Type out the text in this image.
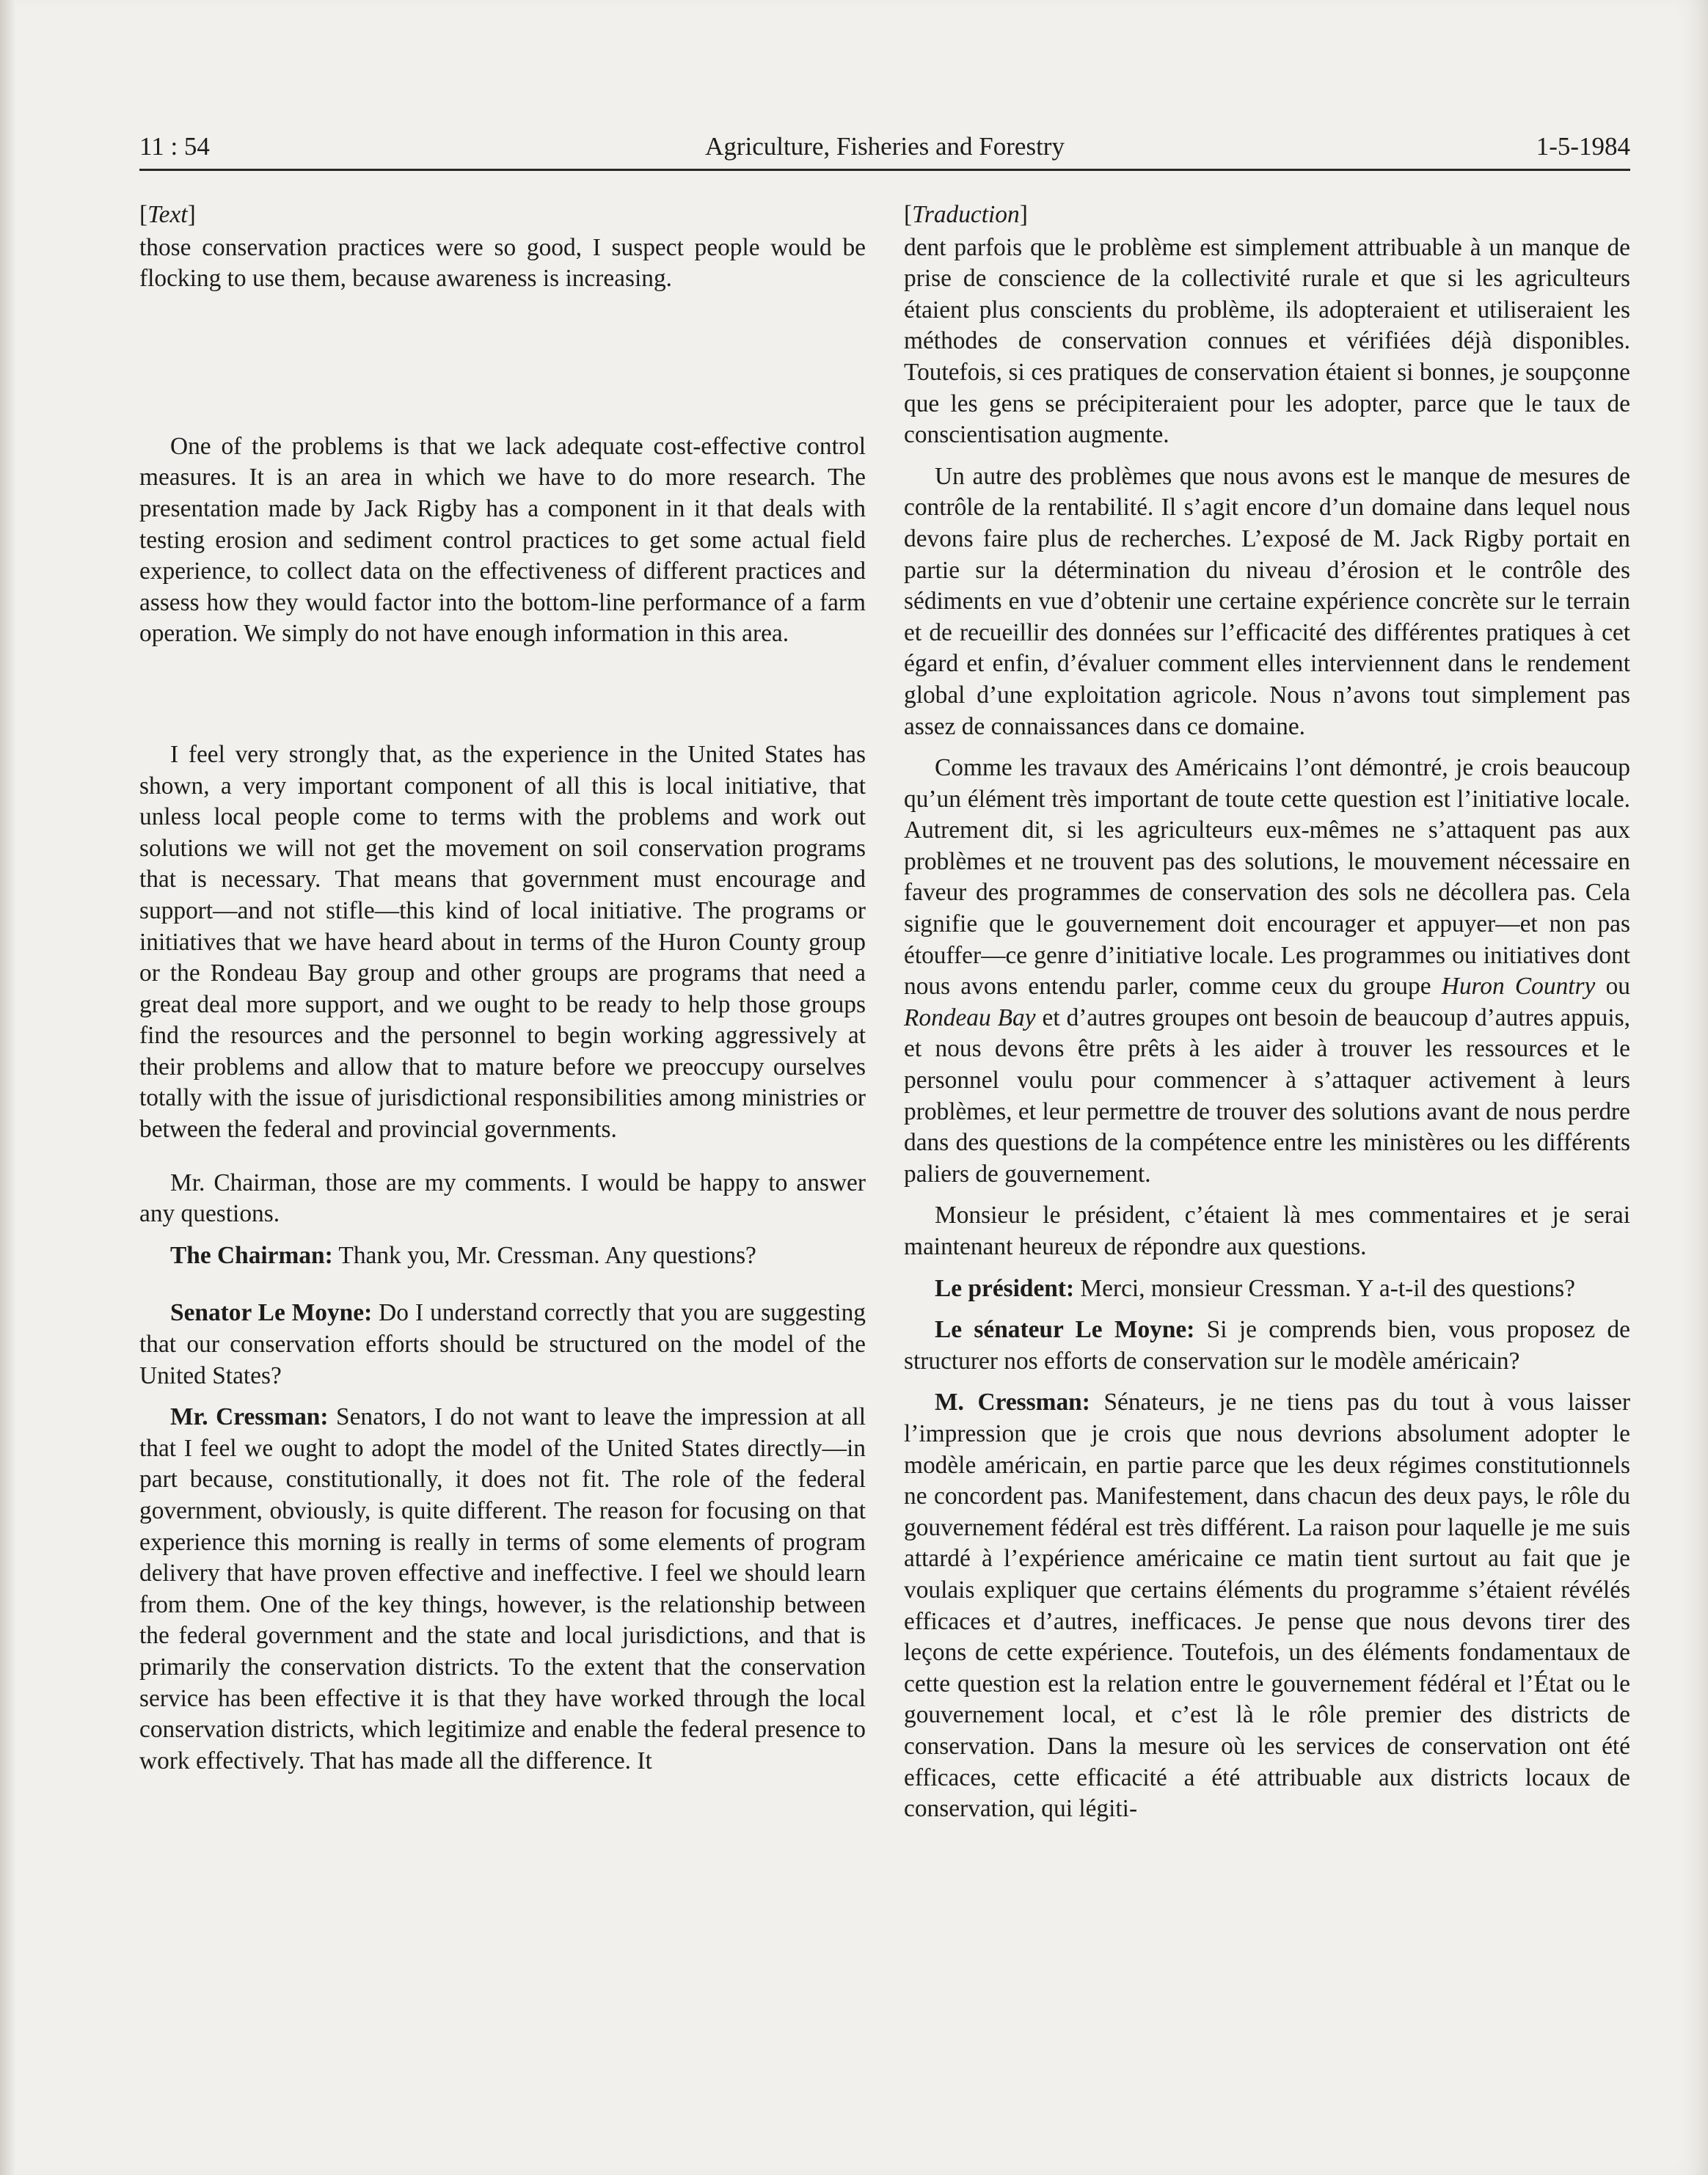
11 : 54	Agriculture, Fisheries and Forestry	1-5-1984
[Text]

those conservation practices were so good, I suspect people would be flocking to use them, because awareness is increasing.

One of the problems is that we lack adequate cost-effective control measures. It is an area in which we have to do more research. The presentation made by Jack Rigby has a component in it that deals with testing erosion and sediment control practices to get some actual field experience, to collect data on the effectiveness of different practices and assess how they would factor into the bottom-line performance of a farm operation. We simply do not have enough information in this area.

I feel very strongly that, as the experience in the United States has shown, a very important component of all this is local initiative, that unless local people come to terms with the problems and work out solutions we will not get the movement on soil conservation programs that is necessary. That means that government must encourage and support—and not stifle—this kind of local initiative. The programs or initiatives that we have heard about in terms of the Huron County group or the Rondeau Bay group and other groups are programs that need a great deal more support, and we ought to be ready to help those groups find the resources and the personnel to begin working aggressively at their problems and allow that to mature before we preoccupy ourselves totally with the issue of jurisdictional responsibilities among ministries or between the federal and provincial governments.

Mr. Chairman, those are my comments. I would be happy to answer any questions.

The Chairman: Thank you, Mr. Cressman. Any questions?

Senator Le Moyne: Do I understand correctly that you are suggesting that our conservation efforts should be structured on the model of the United States?

Mr. Cressman: Senators, I do not want to leave the impression at all that I feel we ought to adopt the model of the United States directly—in part because, constitutionally, it does not fit. The role of the federal government, obviously, is quite different. The reason for focusing on that experience this morning is really in terms of some elements of program delivery that have proven effective and ineffective. I feel we should learn from them. One of the key things, however, is the relationship between the federal government and the state and local jurisdictions, and that is primarily the conservation districts. To the extent that the conservation service has been effective it is that they have worked through the local conservation districts, which legitimize and enable the federal presence to work effectively. That has made all the difference. It

[Traduction]

dent parfois que le problème est simplement attribuable à un manque de prise de conscience de la collectivité rurale et que si les agriculteurs étaient plus conscients du problème, ils adopteraient et utiliseraient les méthodes de conservation connues et vérifiées déjà disponibles. Toutefois, si ces pratiques de conservation étaient si bonnes, je soupçonne que les gens se précipiteraient pour les adopter, parce que le taux de conscientisation augmente.

Un autre des problèmes que nous avons est le manque de mesures de contrôle de la rentabilité. Il s’agit encore d’un domaine dans lequel nous devons faire plus de recherches. L’exposé de M. Jack Rigby portait en partie sur la détermination du niveau d’érosion et le contrôle des sédiments en vue d’obtenir une certaine expérience concrète sur le terrain et de recueillir des données sur l’efficacité des différentes pratiques à cet égard et enfin, d’évaluer comment elles interviennent dans le rendement global d’une exploitation agricole. Nous n’avons tout simplement pas assez de connaissances dans ce domaine.

Comme les travaux des Américains l’ont démontré, je crois beaucoup qu’un élément très important de toute cette question est l’initiative locale. Autrement dit, si les agriculteurs eux-mêmes ne s’attaquent pas aux problèmes et ne trouvent pas des solutions, le mouvement nécessaire en faveur des programmes de conservation des sols ne décollera pas. Cela signifie que le gouvernement doit encourager et appuyer—et non pas étouffer—ce genre d’initiative locale. Les programmes ou initiatives dont nous avons entendu parler, comme ceux du groupe Huron Country ou Rondeau Bay et d’autres groupes ont besoin de beaucoup d’autres appuis, et nous devons être prêts à les aider à trouver les ressources et le personnel voulu pour commencer à s’attaquer activement à leurs problèmes, et leur permettre de trouver des solutions avant de nous perdre dans des questions de la compétence entre les ministères ou les différents paliers de gouvernement.

Monsieur le président, c’étaient là mes commentaires et je serai maintenant heureux de répondre aux questions.

Le président: Merci, monsieur Cressman. Y a-t-il des questions?

Le sénateur Le Moyne: Si je comprends bien, vous proposez de structurer nos efforts de conservation sur le modèle américain?

M. Cressman: Sénateurs, je ne tiens pas du tout à vous laisser l’impression que je crois que nous devrions absolument adopter le modèle américain, en partie parce que les deux régimes constitutionnels ne concordent pas. Manifestement, dans chacun des deux pays, le rôle du gouvernement fédéral est très différent. La raison pour laquelle je me suis attardé à l’expérience américaine ce matin tient surtout au fait que je voulais expliquer que certains éléments du programme s’étaient révélés efficaces et d’autres, inefficaces. Je pense que nous devons tirer des leçons de cette expérience. Toutefois, un des éléments fondamentaux de cette question est la relation entre le gouvernement fédéral et l’État ou le gouvernement local, et c’est là le rôle premier des districts de conservation. Dans la mesure où les services de conservation ont été efficaces, cette efficacité a été attribuable aux districts locaux de conservation, qui légiti-
